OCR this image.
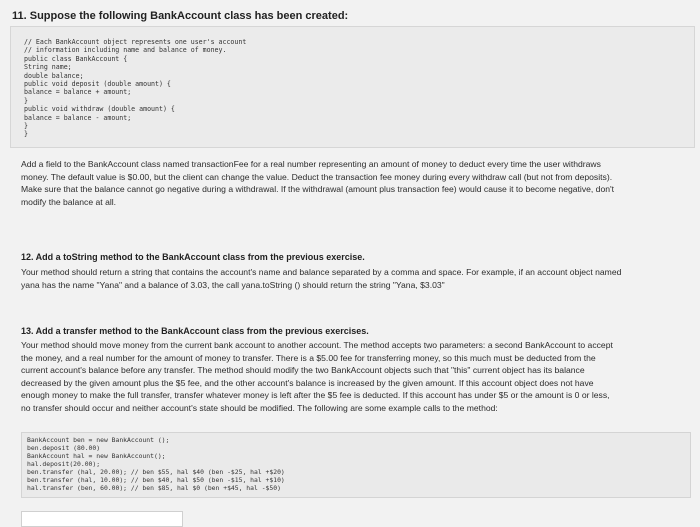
11. Suppose the following BankAccount class has been created:
// Each BankAccount object represents one user's account
// information including name and balance of money.
public class BankAccount {
String name;
double balance;
public void deposit (double amount) {
balance = balance + amount;
}
public void withdraw (double amount) {
balance = balance - amount;
}
}
Add a field to the BankAccount class named transactionFee for a real number representing an amount of money to deduct every time the user withdraws
money. The default value is $0.00, but the client can change the value. Deduct the transaction fee money during every withdraw call (but not from deposits).
Make sure that the balance cannot go negative during a withdrawal. If the withdrawal (amount plus transaction fee) would cause it to become negative, don't
modify the balance at all.
12. Add a toString method to the BankAccount class from the previous exercise.
Your method should return a string that contains the account's name and balance separated by a comma and space. For example, if an account object named
yana has the name "Yana" and a balance of 3.03, the call yana.toString () should return the string "Yana, $3.03"
13. Add a transfer method to the BankAccount class from the previous exercises.
Your method should move money from the current bank account to another account. The method accepts two parameters: a second BankAccount to accept
the money, and a real number for the amount of money to transfer. There is a $5.00 fee for transferring money, so this much must be deducted from the
current account's balance before any transfer. The method should modify the two BankAccount objects such that "this" current object has its balance
decreased by the given amount plus the $5 fee, and the other account's balance is increased by the given amount. If this account object does not have
enough money to make the full transfer, transfer whatever money is left after the $5 fee is deducted. If this account has under $5 or the amount is 0 or less,
no transfer should occur and neither account's state should be modified. The following are some example calls to the method:
BankAccount ben = new BankAccount ();
ben.deposit (80.00)
BankAccount hal = new BankAccount();
hal.deposit(20.00);
ben.transfer (hal, 20.00); // ben $55, hal $40 (ben -$25, hal +$20)
ben.transfer (hal, 10.00); // ben $40, hal $50 (ben -$15, hal +$10)
hal.transfer (ben, 60.00); // ben $85, hal $0 (ben +$45, hal -$50)
